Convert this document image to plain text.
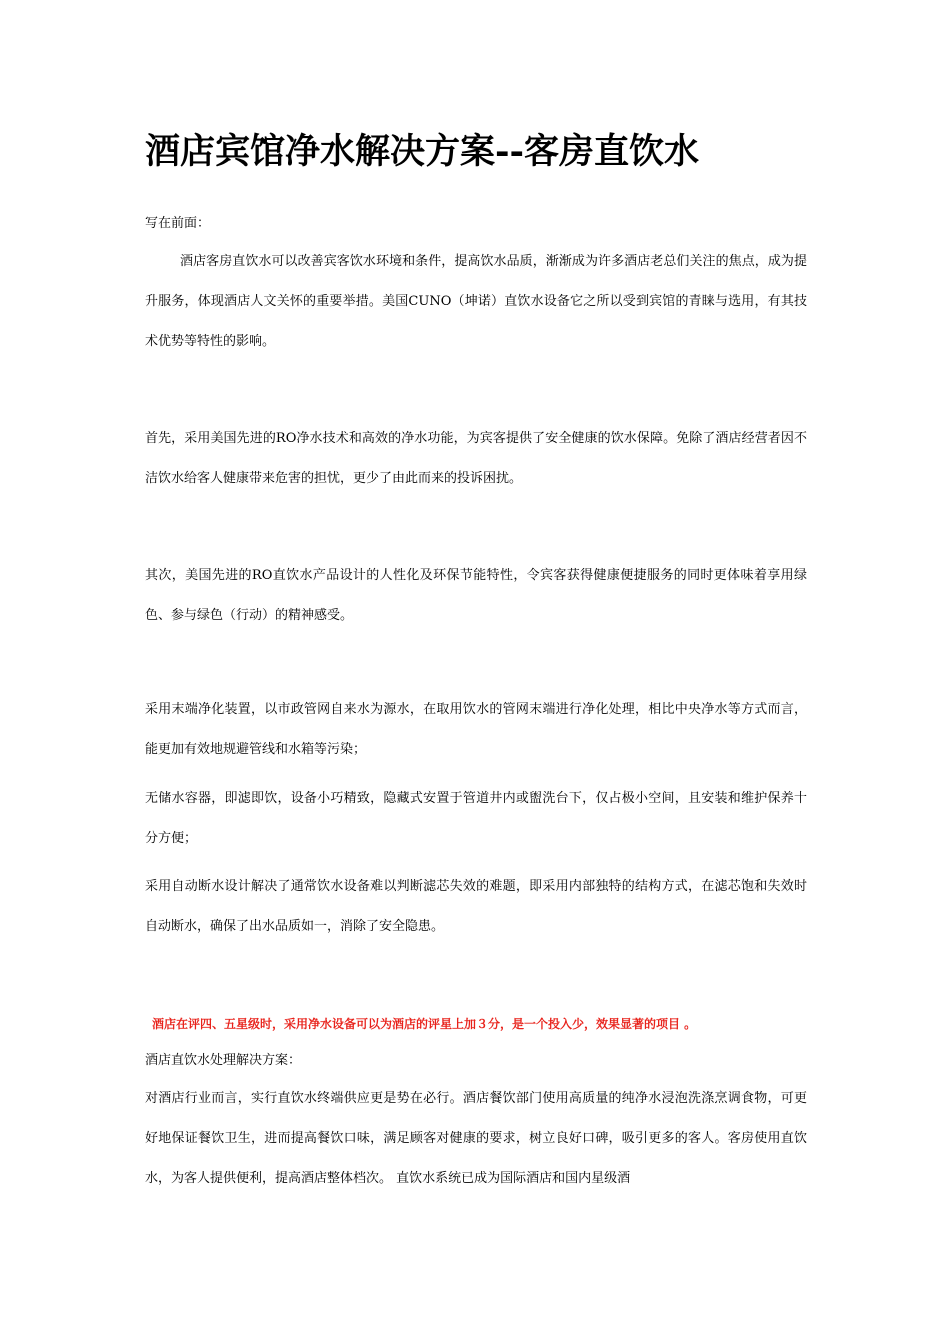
酒店宾馆净水解决方案--客房直饮水

写在前面：

酒店客房直饮水可以改善宾客饮水环境和条件，提高饮水品质，渐渐成为许多酒店老总们关注的焦点，成为提升服务，体现酒店人文关怀的重要举措。美国CUNO（坤诺）直饮水设备它之所以受到宾馆的青睐与选用，有其技术优势等特性的影响。

首先，采用美国先进的RO净水技术和高效的净水功能，为宾客提供了安全健康的饮水保障。免除了酒店经营者因不洁饮水给客人健康带来危害的担忧，更少了由此而来的投诉困扰。

其次，美国先进的RO直饮水产品设计的人性化及环保节能特性，令宾客获得健康便捷服务的同时更体味着享用绿色、参与绿色（行动）的精神感受。

采用末端净化装置，以市政管网自来水为源水，在取用饮水的管网末端进行净化处理，相比中央净水等方式而言，能更加有效地规避管线和水箱等污染；

无储水容器，即滤即饮，设备小巧精致，隐藏式安置于管道井内或盥洗台下，仅占极小空间，且安装和维护保养十分方便；

采用自动断水设计解决了通常饮水设备难以判断滤芯失效的难题，即采用内部独特的结构方式，在滤芯饱和失效时自动断水，确保了出水品质如一，消除了安全隐患。

酒店在评四、五星级时，采用净水设备可以为酒店的评星上加３分，是一个投入少，效果显著的项目 。

酒店直饮水处理解决方案：

对酒店行业而言，实行直饮水终端供应更是势在必行。酒店餐饮部门使用高质量的纯净水浸泡洗涤烹调食物，可更好地保证餐饮卫生，进而提高餐饮口味，满足顾客对健康的要求，树立良好口碑，吸引更多的客人。客房使用直饮水，为客人提供便利，提高酒店整体档次。 直饮水系统已成为国际酒店和国内星级酒
